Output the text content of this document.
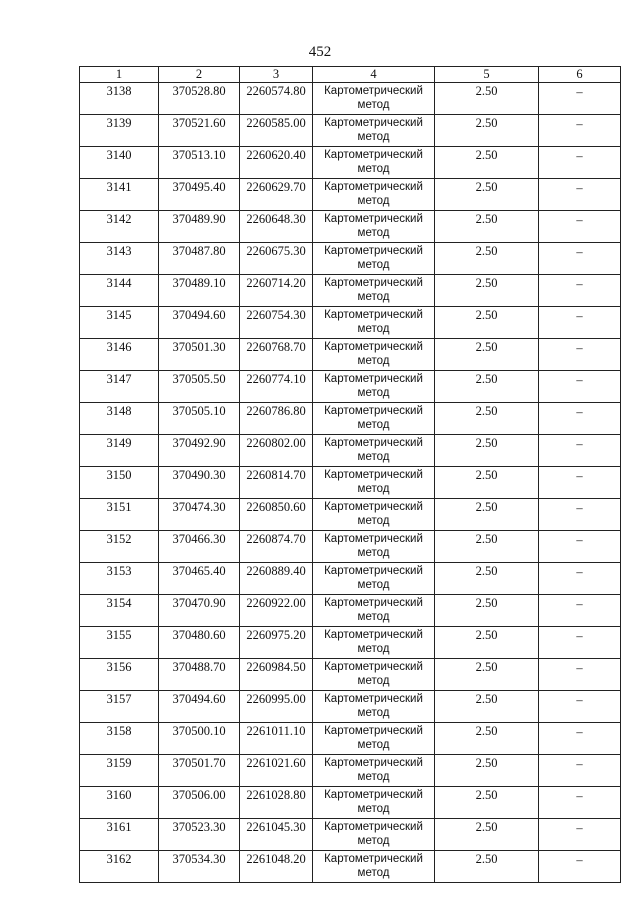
452
1	2	3	4	5	6
3138	370528.80	2260574.80	Картометрический метод	2.50	–
3139	370521.60	2260585.00	Картометрический метод	2.50	–
3140	370513.10	2260620.40	Картометрический метод	2.50	–
3141	370495.40	2260629.70	Картометрический метод	2.50	–
3142	370489.90	2260648.30	Картометрический метод	2.50	–
3143	370487.80	2260675.30	Картометрический метод	2.50	–
3144	370489.10	2260714.20	Картометрический метод	2.50	–
3145	370494.60	2260754.30	Картометрический метод	2.50	–
3146	370501.30	2260768.70	Картометрический метод	2.50	–
3147	370505.50	2260774.10	Картометрический метод	2.50	–
3148	370505.10	2260786.80	Картометрический метод	2.50	–
3149	370492.90	2260802.00	Картометрический метод	2.50	–
3150	370490.30	2260814.70	Картометрический метод	2.50	–
3151	370474.30	2260850.60	Картометрический метод	2.50	–
3152	370466.30	2260874.70	Картометрический метод	2.50	–
3153	370465.40	2260889.40	Картометрический метод	2.50	–
3154	370470.90	2260922.00	Картометрический метод	2.50	–
3155	370480.60	2260975.20	Картометрический метод	2.50	–
3156	370488.70	2260984.50	Картометрический метод	2.50	–
3157	370494.60	2260995.00	Картометрический метод	2.50	–
3158	370500.10	2261011.10	Картометрический метод	2.50	–
3159	370501.70	2261021.60	Картометрический метод	2.50	–
3160	370506.00	2261028.80	Картометрический метод	2.50	–
3161	370523.30	2261045.30	Картометрический метод	2.50	–
3162	370534.30	2261048.20	Картометрический метод	2.50	–
